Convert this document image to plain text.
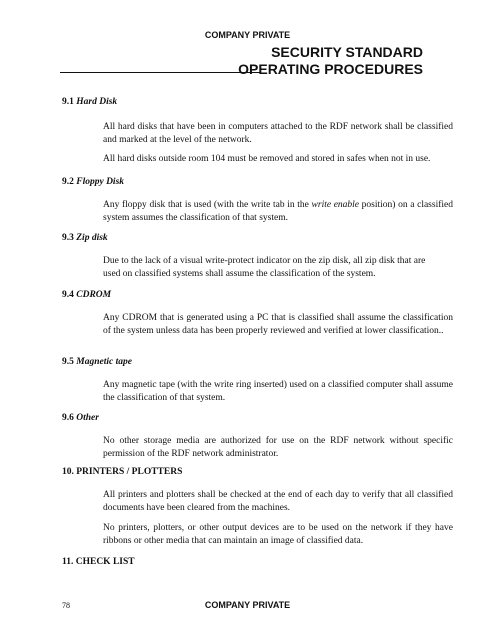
COMPANY PRIVATE
SECURITY STANDARD
OPERATING PROCEDURES
9.1 Hard Disk
All hard disks that have been in computers attached to the RDF network shall be classified and marked at the level of the network.
All hard disks outside room 104 must be removed and stored in safes when not in use.
9.2 Floppy Disk
Any floppy disk that is used (with the write tab in the write enable position) on a classified system assumes the classification of that system.
9.3 Zip disk
Due to the lack of a visual write-protect indicator on the zip disk, all zip disk that are used on classified systems shall assume the classification of the system.
9.4 CDROM
Any CDROM that is generated using a PC that is classified shall assume the classification of the system unless data has been properly reviewed and verified at lower classification..
9.5 Magnetic tape
Any magnetic tape (with the write ring inserted) used on a classified computer shall assume the classification of that system.
9.6 Other
No other storage media are authorized for use on the RDF network without specific permission of the RDF network administrator.
10. PRINTERS / PLOTTERS
All printers and plotters shall be checked at the end of each day to verify that all classified documents have been cleared from the machines.
No printers, plotters, or other output devices are to be used on the network if they have ribbons or other media that can maintain an image of classified data.
11. CHECK LIST
78	COMPANY PRIVATE
